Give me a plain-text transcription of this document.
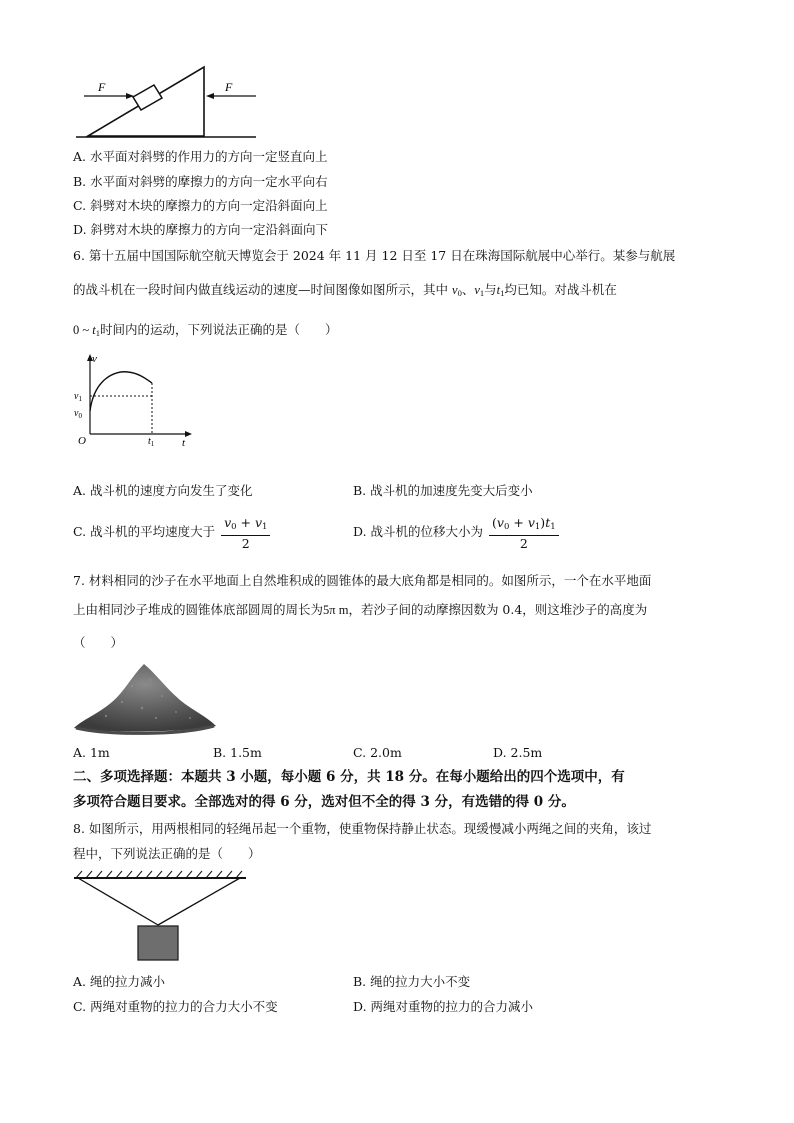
F	F
A. 水平面对斜劈的作用力的方向一定竖直向上
B. 水平面对斜劈的摩擦力的方向一定水平向右
C. 斜劈对木块的摩擦力的方向一定沿斜面向上
D. 斜劈对木块的摩擦力的方向一定沿斜面向下
6. 第十五届中国国际航空航天博览会于 2024 年 11 月 12 日至 17 日在珠海国际航展中心举行。某参与航展
的战斗机在一段时间内做直线运动的速度—时间图像如图所示，其中 $v_0$、$v_1$与$t_1$均已知。对战斗机在
0 ~ $t_1$时间内的运动，下列说法正确的是（　　）
v
t
O
$v_1$
$v_0$
$t_1$
A. 战斗机的速度方向发生了变化	B. 战斗机的加速度先变大后变小
C. 战斗机的平均速度大于 $\frac{v_0 + v_1}{2}$	D. 战斗机的位移大小为 $\frac{(v_0 + v_1)t_1}{2}$
7. 材料相同的沙子在水平地面上自然堆积成的圆锥体的最大底角都是相同的。如图所示，一个在水平地面
上由相同沙子堆成的圆锥体底部圆周的周长为5π m，若沙子间的动摩擦因数为 0.4，则这堆沙子的高度为
（　　）
A. 1m	B. 1.5m	C. 2.0m	D. 2.5m
二、多项选择题：本题共 3 小题，每小题 6 分，共 18 分。在每小题给出的四个选项中，有
多项符合题目要求。全部选对的得 6 分，选对但不全的得 3 分，有选错的得 0 分。
8. 如图所示，用两根相同的轻绳吊起一个重物，使重物保持静止状态。现缓慢减小两绳之间的夹角，该过
程中，下列说法正确的是（　　）
A. 绳的拉力减小	B. 绳的拉力大小不变
C. 两绳对重物的拉力的合力大小不变	D. 两绳对重物的拉力的合力减小
